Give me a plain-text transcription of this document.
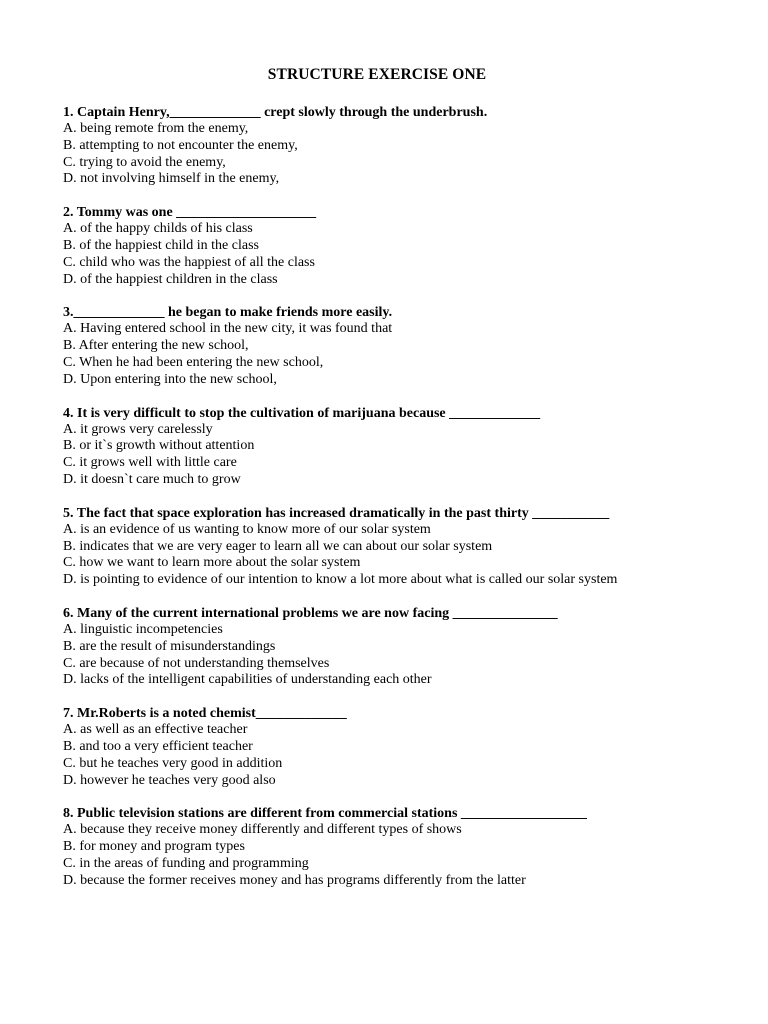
STRUCTURE EXERCISE ONE
1. Captain Henry,_____________ crept slowly through the underbrush.
A. being remote from the enemy,
B. attempting to not encounter the enemy,
C. trying to avoid the enemy,
D. not involving himself in the enemy,
2. Tommy was one ____________________
A. of the happy childs of his class
B. of the happiest child in the class
C. child who was the happiest of all the class
D. of the happiest children in the class
3._____________ he began to make friends more easily.
A. Having entered school in the new city, it was found that
B. After entering the new school,
C. When he had been entering the new school,
D. Upon entering into the new school,
4. It is very difficult to stop the cultivation of marijuana because _____________
A. it grows very carelessly
B. or it`s growth without attention
C. it grows well with little care
D. it doesn`t care much to grow
5. The fact that space exploration has increased dramatically in the past thirty ___________
A. is an evidence of us wanting to know more of our solar system
B. indicates that we are very eager to learn all we can about our solar system
C. how we want to learn more about the solar system
D. is pointing to evidence of our intention to know a lot more about what is called our solar system
6. Many of the current international problems we are now facing _______________
A. linguistic incompetencies
B. are the result of misunderstandings
C. are because of not understanding themselves
D. lacks of the intelligent capabilities of understanding each other
7. Mr.Roberts is a noted chemist_____________
A. as well as an effective teacher
B. and too a very efficient teacher
C. but he teaches very good in addition
D. however he teaches very good also
8. Public television stations are different from commercial stations __________________
A. because they receive money differently and different types of shows
B. for money and program types
C. in the areas of funding and programming
D. because the former receives money and has programs differently from the latter
